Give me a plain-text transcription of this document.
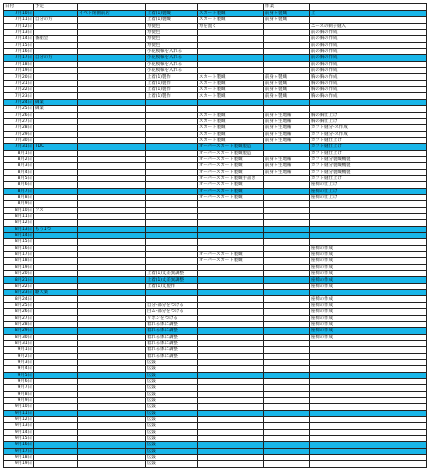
日付	予定				作業	
7月10日		イベト閉園前店	上着(1)製織	スカート製織	前身ヶ製織	上
7月11日	自分の方		上着(1)製織	スカート製織	前身ヶ製織	
7月12日			寿使色	寿を置く		ニースの刺子縫入
7月13日			寿使色			前の胸の作成
7月14日	番船会		寿使色			前の胸の作成
7月15日			寿使色			前の胸の作成
7月16日			小花模様を入れる			前の胸の作成
7月17日	自分の方		小花模様を入れる			前の胸の作成
7月18日			小花模様を入れる			前の胸の作成
7月19日			小花模様を入れる			前の胸の作成
7月20日			上着(1)製作	スカート製織	前身ヶ製織	胸の胸の作成
7月21日			上着(1)製作	スカート製織	前身ヶ製織	胸の胸の作成
7月22日			上着(1)製作	スカート製織	前身ヶ製織	胸の胸の作成
7月23日			上着(1)製作	スカート製織	前身ヶ製織	胸の胸の作成
7月24日	御案					
7月25日	御案					
7月26日				スカート製織	前身ヶ生地稀	胸の胸仕上げ
7月27日				スカート製織	前身ヶ生地稀	胸の胸仕上げ
7月28日				スカート製織	前身ヶ生地稀	カフト縫分-ス作成
7月29日				スカート製織	前身ヶ生地稀	カフト縫分-ス作成
7月30日				スカート製織	前身ヶ生地稀	カフト縫仕上げ
7月31日	TDC			オーバースカート製織製造		カフト縫仕上げ
8月1日				オーバースカート製織製造		カフト縫仕上げ
8月2日				オーバースカート製織	前身ヶ生地稀	カフト縫分製織機製
8月3日				オーバースカート製織	前身ヶ生地稀	カフト縫分製織機製
8月4日				オーバースカート製織	前身ヶ生地稀	カフト縫分製織機製
8月5日				オーバースカート製織手書き		カフト縫仕上げ
8月6日				オーバースカート製織		座椅の仕上げ
8月7日				オーバースカート製織		座椅の仕上げ
8月8日				オーバースカート製織		座椅の仕上げ
8月9日						
8月10日	フス					
8月11日						
8月12日						
8月13日	もう1つ					
8月14日						
8月15日						
8月16日						座椅の作成
8月17日				オーバースカート製織		座椅の作成
8月18日				オーバースカート製織		座椅の作成
8月19日						座椅の作成
8月20日			上着(1)丈差異調整			座椅の作成
8月21日			上着(1)丈差異調整			座椅の作成
8月22日			上着(1)丈製作			座椅の作成
8月23日	駆天楽					
8月24日						座椅の作成
8月25日			自分-部分をつける			座椅の作成
8月26日			白ム-部分をつける			座椅の作成
8月27日			リボンをつける			座椅の作成
8月28日			着れる体に調整			座椅の作成
8月29日			着れる体に調整			座椅の作成
8月30日			着れる体に調整			座椅の作成
8月31日			着れる体に調整			
9月1日			着れる体に調整			
9月2日			着れる体に調整			
9月3日			伝鼓			
9月4日			伝鼓			
9月5日			伝鼓			
9月6日			伝鼓			
9月7日			伝鼓			
9月8日			伝鼓			
9月9日			伝鼓			
9月10日			伝鼓			
9月11日			伝鼓			
9月12日			伝鼓			
9月13日			伝鼓			
9月14日			伝鼓			
9月15日			伝鼓			
9月16日			伝鼓			
9月17日			伝鼓			
9月18日			伝鼓			
9月19日			伝鼓			
